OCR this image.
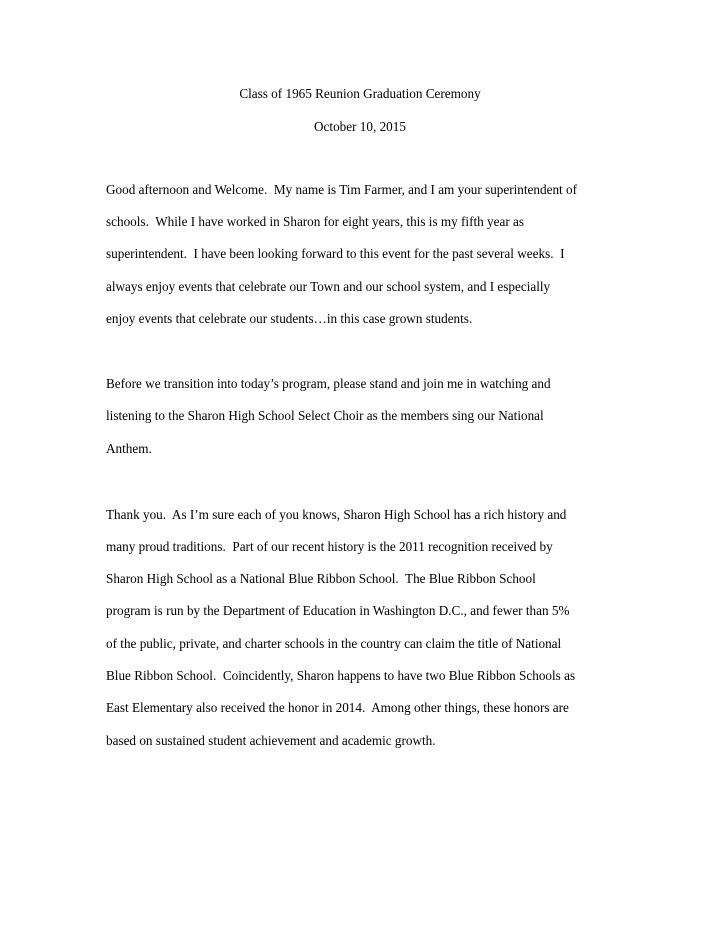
Class of 1965 Reunion Graduation Ceremony

October 10, 2015

Good afternoon and Welcome.  My name is Tim Farmer, and I am your superintendent of

schools.  While I have worked in Sharon for eight years, this is my fifth year as

superintendent.  I have been looking forward to this event for the past several weeks.  I

always enjoy events that celebrate our Town and our school system, and I especially

enjoy events that celebrate our students…in this case grown students.

Before we transition into today’s program, please stand and join me in watching and

listening to the Sharon High School Select Choir as the members sing our National

Anthem.

Thank you.  As I’m sure each of you knows, Sharon High School has a rich history and

many proud traditions.  Part of our recent history is the 2011 recognition received by

Sharon High School as a National Blue Ribbon School.  The Blue Ribbon School

program is run by the Department of Education in Washington D.C., and fewer than 5%

of the public, private, and charter schools in the country can claim the title of National

Blue Ribbon School.  Coincidently, Sharon happens to have two Blue Ribbon Schools as

East Elementary also received the honor in 2014.  Among other things, these honors are

based on sustained student achievement and academic growth.
